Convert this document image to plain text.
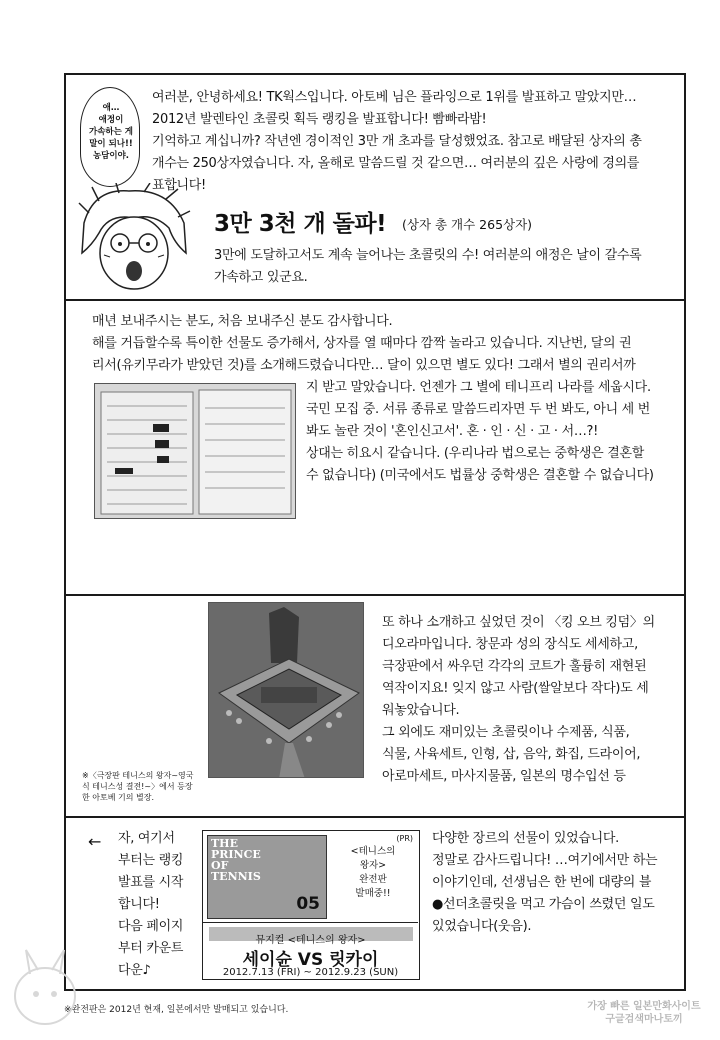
애…
애정이
가속하는 게
말이 되나!!
농담이야.
여러분, 안녕하세요! TK웍스입니다. 아토베 님은 플라잉으로 1위를 발표하고 말았지만…
2012년 발렌타인 초콜릿 획득 랭킹을 발표합니다! 빰빠라밤!
기억하고 계십니까? 작년엔 경이적인 3만 개 초과를 달성했었죠. 참고로 배달된 상자의 총
개수는 250상자였습니다. 자, 올해로 말씀드릴 것 같으면… 여러분의 깊은 사랑에 경의를
표합니다!
3만 3천 개 돌파! (상자 총 개수 265상자)
3만에 도달하고서도 계속 늘어나는 초콜릿의 수! 여러분의 애정은 날이 갈수록
가속하고 있군요.
매년 보내주시는 분도, 처음 보내주신 분도 감사합니다.
해를 거듭할수록 특이한 선물도 증가해서, 상자를 열 때마다 깜짝 놀라고 있습니다. 지난번, 달의 권
리서(유키무라가 받았던 것)를 소개해드렸습니다만… 달이 있으면 별도 있다! 그래서 별의 권리서까
지 받고 말았습니다. 언젠가 그 별에 테니프리 나라를 세웁시다.
국민 모집 중. 서류 종류로 말씀드리자면 두 번 봐도, 아니 세 번
봐도 놀란 것이 '혼인신고서'. 혼 · 인 · 신 · 고 · 서…?!
상대는 히요시 같습니다. (우리나라 법으로는 중학생은 결혼할
수 없습니다) (미국에서도 법률상 중학생은 결혼할 수 없습니다)
※〈극장판 테니스의 왕자~영국
식 테니스성 결전!~〉에서 등장
한 아토베 기의 별장.
또 하나 소개하고 싶었던 것이 〈킹 오브 킹덤〉의
디오라마입니다. 창문과 성의 장식도 세세하고,
극장판에서 싸우던 각각의 코트가 훌륭히 재현된
역작이지요! 잊지 않고 사람(쌀알보다 작다)도 세
워놓았습니다.
그 외에도 재미있는 초콜릿이나 수제품, 식품,
식물, 사육세트, 인형, 삽, 음악, 화집, 드라이어,
아로마세트, 마사지물품, 일본의 명수입선 등
← 자, 여기서
부터는 랭킹
발표를 시작
합니다!
다음 페이지
부터 카운트
다운♪
THE
PRINCE
OF
TENNIS
05
(PR)
<테니스의
왕자>
완전판
발매중!!
뮤지컬 <테니스의 왕자>
세이슌 VS 릿카이
2012.7.13 (FRI) ~ 2012.9.23 (SUN)
다양한 장르의 선물이 있었습니다.
정말로 감사드립니다! …여기에서만 하는
이야기인데, 선생님은 한 번에 대량의 블
●선더초콜릿을 먹고 가슴이 쓰렸던 일도
있었습니다(웃음).
※완전판은 2012년 현재, 일본에서만 발매되고 있습니다.	가장 빠른 일본만화사이트
구글검색마나토끼
